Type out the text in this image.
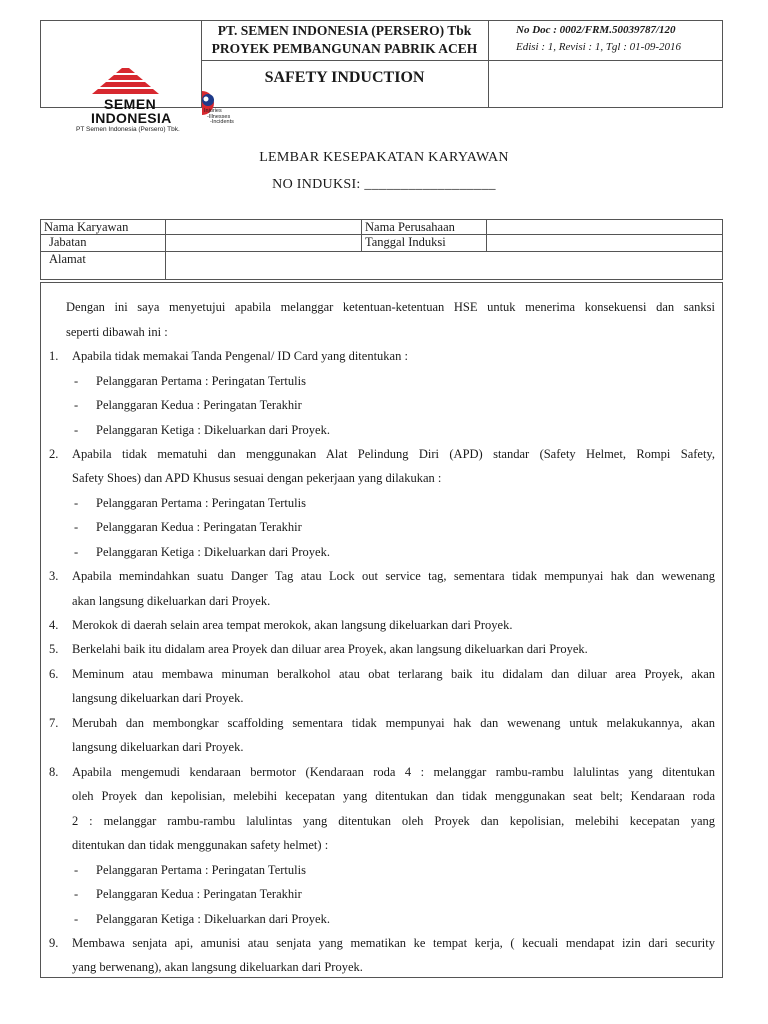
PT. SEMEN INDONESIA (PERSERO) Tbk
PROYEK PEMBANGUNAN PABRIK ACEH
SAFETY INDUCTION
No Doc : 0002/FRM.50039787/120
Edisi : 1, Revisi : 1, Tgl : 01-09-2016
SEMEN
INDONESIA
PT Semen Indonesia (Persero) Tbk.
Injuries
-Illnesses
-Incidents
LEMBAR KESEPAKATAN KARYAWAN
NO INDUKSI: __________________
Nama Karyawan		Nama Perusahaan	
Jabatan		Tanggal Induksi	
Alamat			
Dengan ini saya menyetujui apabila melanggar ketentuan-ketentuan HSE untuk menerima konsekuensi dan sanksi
seperti dibawah ini :
1. Apabila tidak memakai Tanda Pengenal/ ID Card yang ditentukan :
- Pelanggaran Pertama : Peringatan Tertulis
- Pelanggaran Kedua : Peringatan Terakhir
- Pelanggaran Ketiga : Dikeluarkan dari Proyek.
2. Apabila tidak mematuhi dan menggunakan Alat Pelindung Diri (APD) standar (Safety Helmet, Rompi Safety,
Safety Shoes) dan APD Khusus sesuai dengan pekerjaan yang dilakukan :
- Pelanggaran Pertama : Peringatan Tertulis
- Pelanggaran Kedua : Peringatan Terakhir
- Pelanggaran Ketiga : Dikeluarkan dari Proyek.
3. Apabila memindahkan suatu Danger Tag atau Lock out service tag, sementara tidak mempunyai hak dan wewenang
akan langsung dikeluarkan dari Proyek.
4. Merokok di daerah selain area tempat merokok, akan langsung dikeluarkan dari Proyek.
5. Berkelahi baik itu didalam area Proyek dan diluar area Proyek, akan langsung dikeluarkan dari Proyek.
6. Meminum atau membawa minuman beralkohol atau obat terlarang baik itu didalam dan diluar area Proyek, akan
langsung dikeluarkan dari Proyek.
7. Merubah dan membongkar scaffolding sementara tidak mempunyai hak dan wewenang untuk melakukannya, akan
langsung dikeluarkan dari Proyek.
8. Apabila mengemudi kendaraan bermotor (Kendaraan roda 4 : melanggar rambu-rambu lalulintas yang ditentukan
oleh Proyek dan kepolisian, melebihi kecepatan yang ditentukan dan tidak menggunakan seat belt; Kendaraan roda
2 : melanggar rambu-rambu lalulintas yang ditentukan oleh Proyek dan kepolisian, melebihi kecepatan yang
ditentukan dan tidak menggunakan safety helmet) :
- Pelanggaran Pertama : Peringatan Tertulis
- Pelanggaran Kedua : Peringatan Terakhir
- Pelanggaran Ketiga : Dikeluarkan dari Proyek.
9. Membawa senjata api, amunisi atau senjata yang mematikan ke tempat kerja, ( kecuali mendapat izin dari security
yang berwenang), akan langsung dikeluarkan dari Proyek.
